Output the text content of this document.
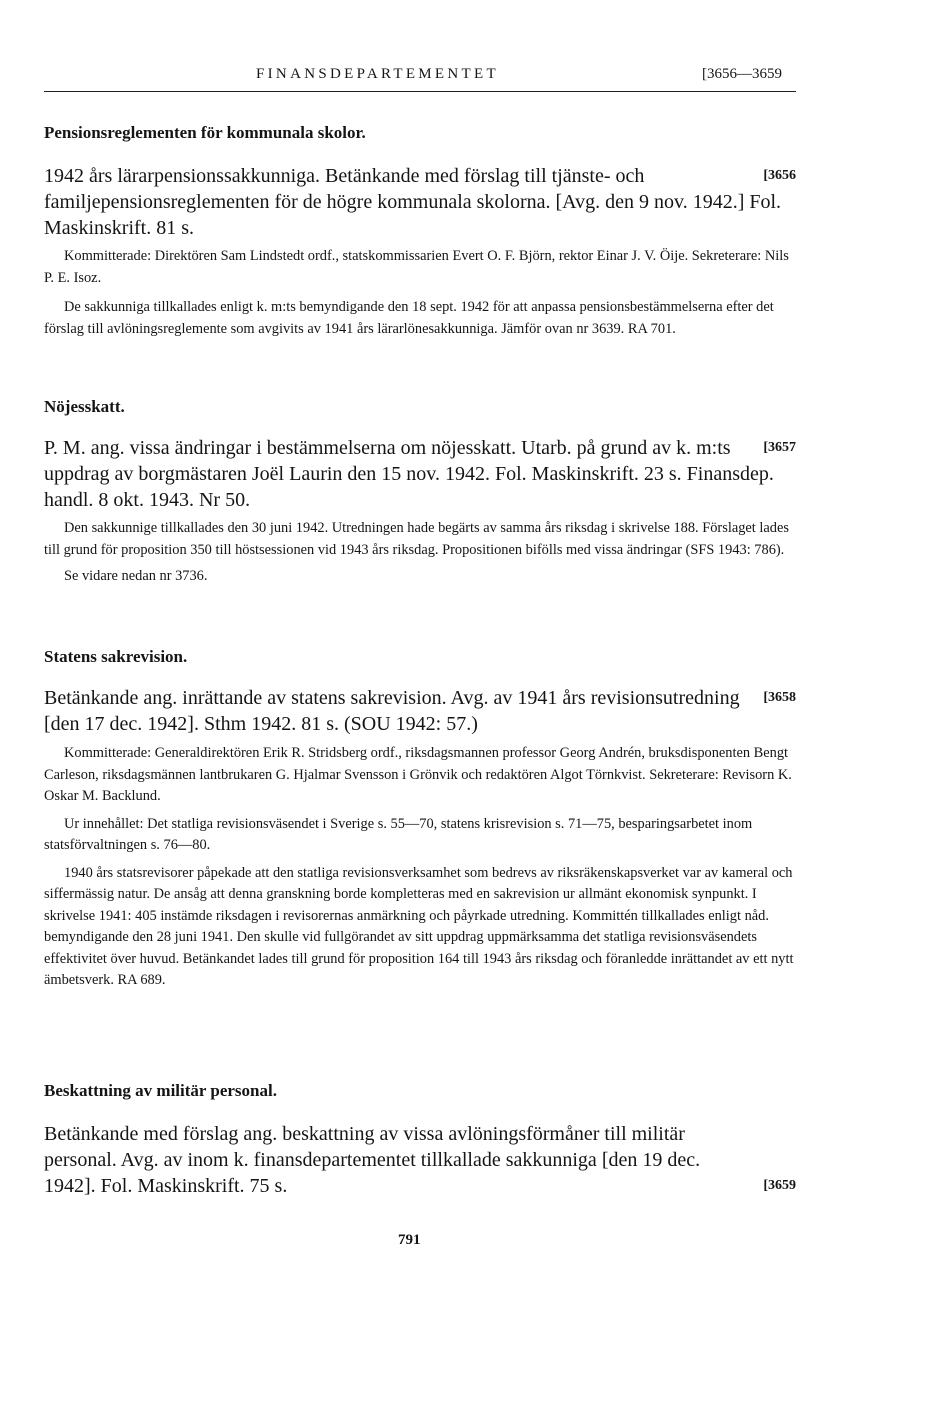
FINANSDEPARTEMENTET	[3656—3659

Pensionsreglementen för kommunala skolor.

[3656
1942 års lärarpensionssakkunniga. Betänkande med förslag till tjänste- och familjepensionsreglementen för de högre kommunala skolorna. [Avg. den 9 nov. 1942.] Fol. Maskinskrift. 81 s.

Kommitterade: Direktören Sam Lindstedt ordf., statskommissarien Evert O. F. Björn, rektor Einar J. V. Öije. Sekreterare: Nils P. E. Isoz.

De sakkunniga tillkallades enligt k. m:ts bemyndigande den 18 sept. 1942 för att anpassa pensionsbestämmelserna efter det förslag till avlöningsreglemente som avgivits av 1941 års lärarlönesakkunniga. Jämför ovan nr 3639. RA 701.

Nöjesskatt.

[3657
P. M. ang. vissa ändringar i bestämmelserna om nöjesskatt. Utarb. på grund av k. m:ts uppdrag av borgmästaren Joël Laurin den 15 nov. 1942. Fol. Maskinskrift. 23 s. Finansdep. handl. 8 okt. 1943. Nr 50.

Den sakkunnige tillkallades den 30 juni 1942. Utredningen hade begärts av samma års riksdag i skrivelse 188. Förslaget lades till grund för proposition 350 till höstsessionen vid 1943 års riksdag. Propositionen bifölls med vissa ändringar (SFS 1943: 786).

Se vidare nedan nr 3736.

Statens sakrevision.

[3658
Betänkande ang. inrättande av statens sakrevision. Avg. av 1941 års revisionsutredning [den 17 dec. 1942]. Sthm 1942. 81 s. (SOU 1942: 57.)

Kommitterade: Generaldirektören Erik R. Stridsberg ordf., riksdagsmannen professor Georg Andrén, bruksdisponenten Bengt Carleson, riksdagsmännen lantbrukaren G. Hjalmar Svensson i Grönvik och redaktören Algot Törnkvist. Sekreterare: Revisorn K. Oskar M. Backlund.

Ur innehållet: Det statliga revisionsväsendet i Sverige s. 55—70, statens krisrevision s. 71—75, besparingsarbetet inom statsförvaltningen s. 76—80.

1940 års statsrevisorer påpekade att den statliga revisionsverksamhet som bedrevs av riksräkenskapsverket var av kameral och siffermässig natur. De ansåg att denna granskning borde kompletteras med en sakrevision ur allmänt ekonomisk synpunkt. I skrivelse 1941: 405 instämde riksdagen i revisorernas anmärkning och påyrkade utredning. Kommittén tillkallades enligt nåd. bemyndigande den 28 juni 1941. Den skulle vid fullgörandet av sitt uppdrag uppmärksamma det statliga revisionsväsendets effektivitet över huvud. Betänkandet lades till grund för proposition 164 till 1943 års riksdag och föranledde inrättandet av ett nytt ämbetsverk. RA 689.

Beskattning av militär personal.

[3659
Betänkande med förslag ang. beskattning av vissa avlöningsförmåner till militär personal. Avg. av inom k. finansdepartementet tillkallade sakkunniga [den 19 dec. 1942]. Fol. Maskinskrift. 75 s.

791
